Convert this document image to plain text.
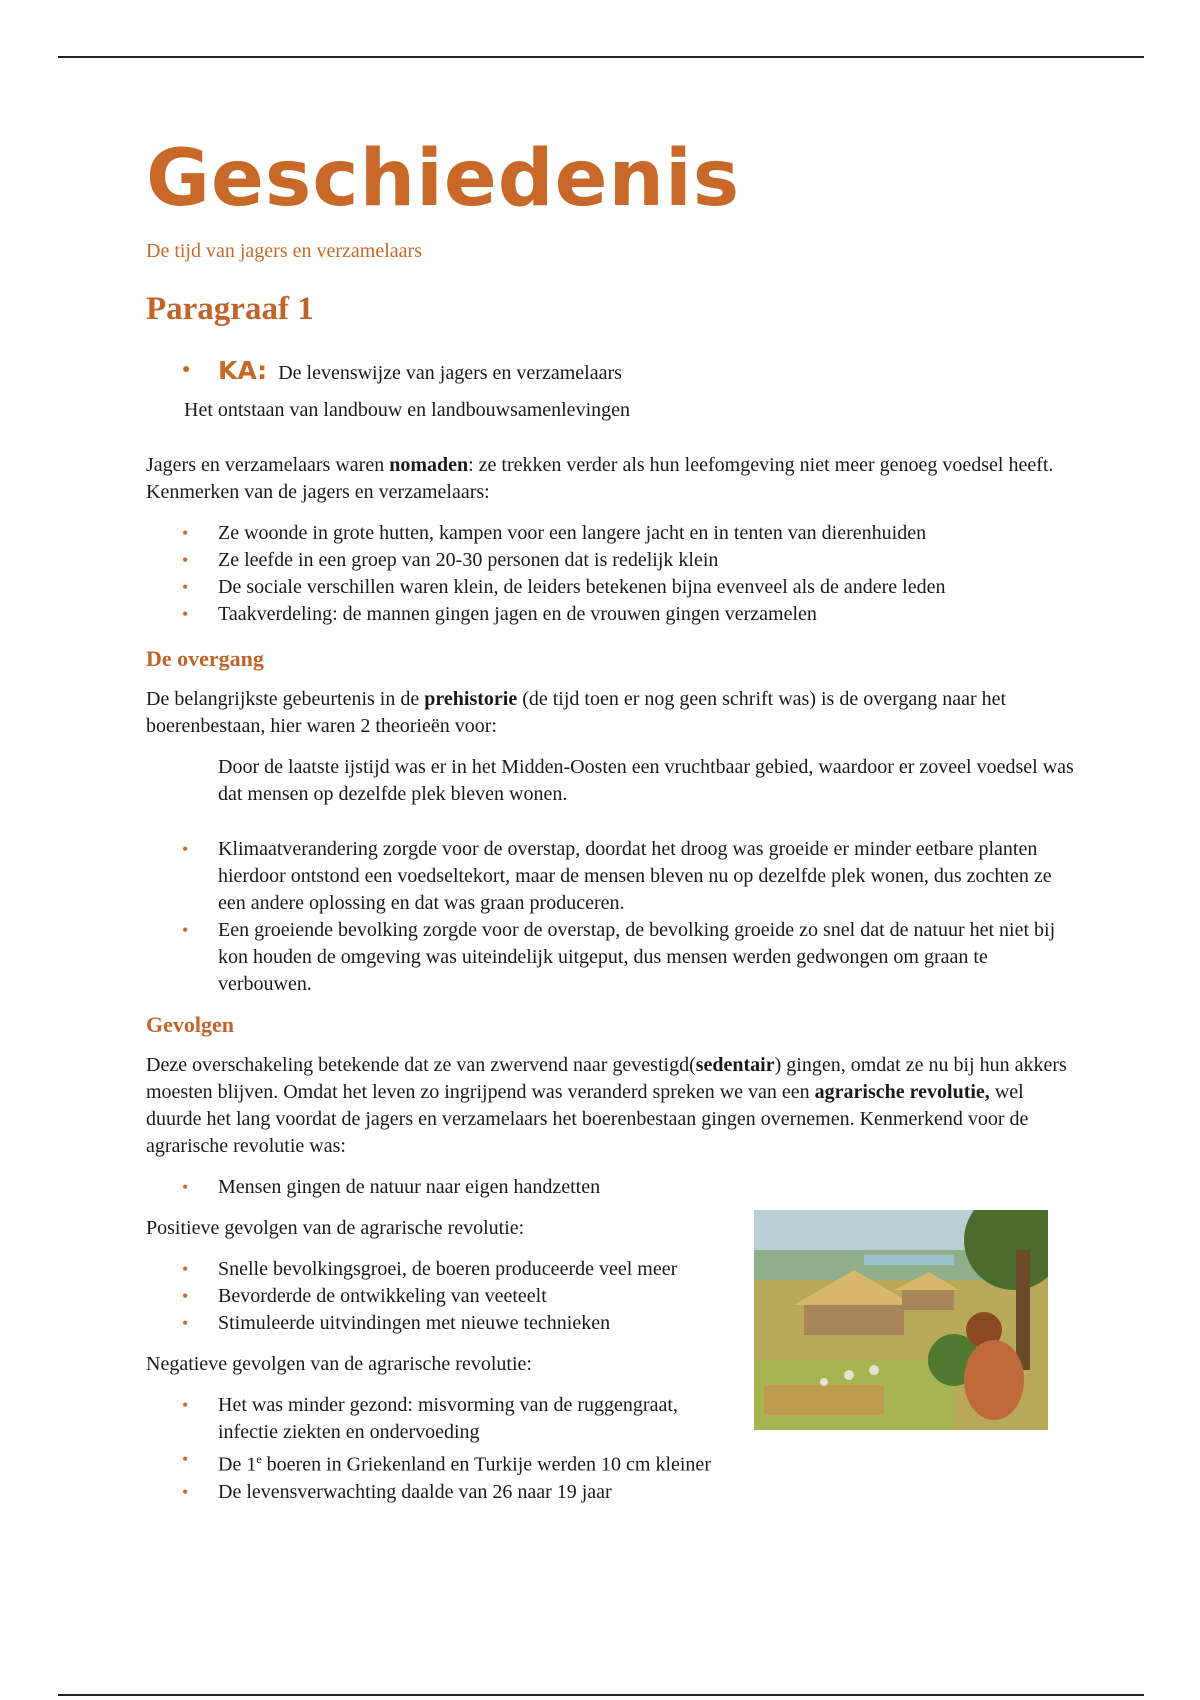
Geschiedenis

De tijd van jagers en verzamelaars

Paragraaf 1
● KA: De levenswijze van jagers en verzamelaars

Het ontstaan van landbouw en landbouwsamenlevingen

Jagers en verzamelaars waren nomaden: ze trekken verder als hun leefomgeving niet meer genoeg voedsel heeft. Kenmerken van de jagers en verzamelaars:

• Ze woonde in grote hutten, kampen voor een langere jacht en in tenten van dierenhuiden
• Ze leefde in een groep van 20-30 personen dat is redelijk klein
• De sociale verschillen waren klein, de leiders betekenen bijna evenveel als de andere leden
• Taakverdeling: de mannen gingen jagen en de vrouwen gingen verzamelen
De overgang

De belangrijkste gebeurtenis in de prehistorie (de tijd toen er nog geen schrift was) is de overgang naar het boerenbestaan, hier waren 2 theorieën voor:

Door de laatste ijstijd was er in het Midden-Oosten een vruchtbaar gebied, waardoor er zoveel voedsel was dat mensen op dezelfde plek bleven wonen.

• Klimaatverandering zorgde voor de overstap, doordat het droog was groeide er minder eetbare planten hierdoor ontstond een voedseltekort, maar de mensen bleven nu op dezelfde plek wonen, dus zochten ze een andere oplossing en dat was graan produceren.
• Een groeiende bevolking zorgde voor de overstap, de bevolking groeide zo snel dat de natuur het niet bij kon houden de omgeving was uiteindelijk uitgeput, dus mensen werden gedwongen om graan te verbouwen.
Gevolgen

Deze overschakeling betekende dat ze van zwervend naar gevestigd(sedentair) gingen, omdat ze nu bij hun akkers moesten blijven. Omdat het leven zo ingrijpend was veranderd spreken we van een agrarische revolutie, wel duurde het lang voordat de jagers en verzamelaars het boerenbestaan gingen overnemen. Kenmerkend voor de agrarische revolutie was:

• Mensen gingen de natuur naar eigen handzetten

Positieve gevolgen van de agrarische revolutie:

• Snelle bevolkingsgroei, de boeren produceerde veel meer
• Bevorderde de ontwikkeling van veeteelt
• Stimuleerde uitvindingen met nieuwe technieken

Negatieve gevolgen van de agrarische revolutie:

• Het was minder gezond: misvorming van de ruggengraat, infectie ziekten en ondervoeding
• De 1e boeren in Griekenland en Turkije werden 10 cm kleiner
• De levensverwachting daalde van 26 naar 19 jaar
